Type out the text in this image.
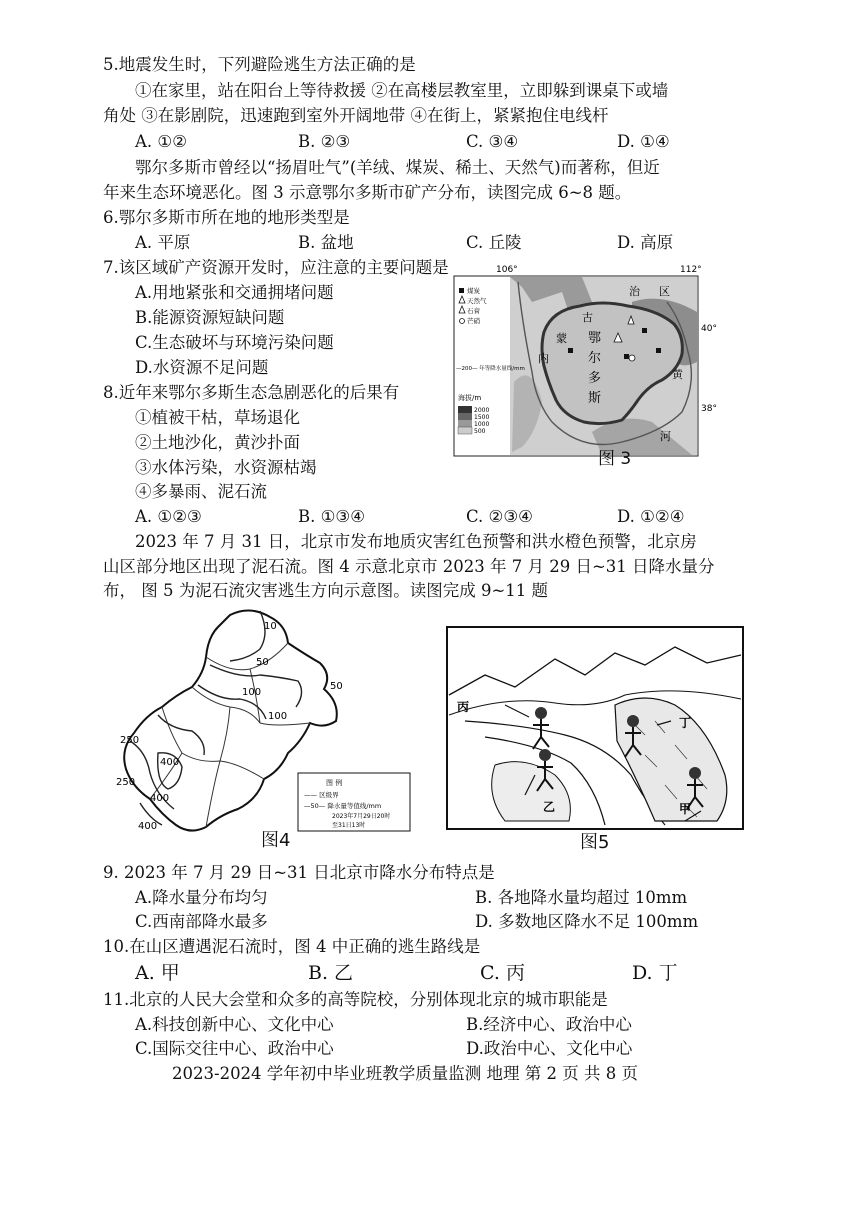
5.地震发生时，下列避险逃生方法正确的是
①在家里，站在阳台上等待救援 ②在高楼层教室里，立即躲到课桌下或墙
角处 ③在影剧院，迅速跑到室外开阔地带 ④在街上，紧紧抱住电线杆
A. ①②	B. ②③	C. ③④	D. ①④
鄂尔多斯市曾经以“扬眉吐气”(羊绒、煤炭、稀土、天然气)而著称，但近
年来生态环境恶化。图 3 示意鄂尔多斯市矿产分布，读图完成 6~8 题。
6.鄂尔多斯市所在地的地形类型是
A. 平原	B. 盆地	C. 丘陵	D. 高原
7.该区域矿产资源开发时，应注意的主要问题是
A.用地紧张和交通拥堵问题
B.能源资源短缺问题
C.生态破坏与环境污染问题
D.水资源不足问题
8.近年来鄂尔多斯生态急剧恶化的后果有
①植被干枯，草场退化
②土地沙化，黄沙扑面
③水体污染，水资源枯竭
④多暴雨、泥石流
A. ①②③	B. ①③④	C. ②③④	D. ①②④
106°	112°
治 区
古
蒙
内
鄂
尔
多
斯
黄
河
煤炭
天然气
石膏
芒硝
—200— 年等降水量线/mm
海拔/m
2000
1500
1000
500
40°
38°
图 3
2023 年 7 月 31 日，北京市发布地质灾害红色预警和洪水橙色预警，北京房
山区部分地区出现了泥石流。图 4 示意北京市 2023 年 7 月 29 日~31 日降水量分
布， 图 5 为泥石流灾害逃生方向示意图。读图完成 9~11 题
10
50
50
100
100
250
250
400
400
400
图 例
—— 区级界
—50— 降水量等值线/mm
2023年7月29日20时
至31日13时
图4
丙
丁
乙	甲
图5
9. 2023 年 7 月 29 日~31 日北京市降水分布特点是
A.降水量分布均匀	B. 各地降水量均超过 10mm
C.西南部降水最多	D. 多数地区降水不足 100mm
10.在山区遭遇泥石流时，图 4 中正确的逃生路线是
A. 甲	B. 乙	C. 丙	D. 丁
11.北京的人民大会堂和众多的高等院校，分别体现北京的城市职能是
A.科技创新中心、文化中心	B.经济中心、政治中心
C.国际交往中心、政治中心	D.政治中心、文化中心
2023-2024 学年初中毕业班教学质量监测 地理 第 2 页 共 8 页
